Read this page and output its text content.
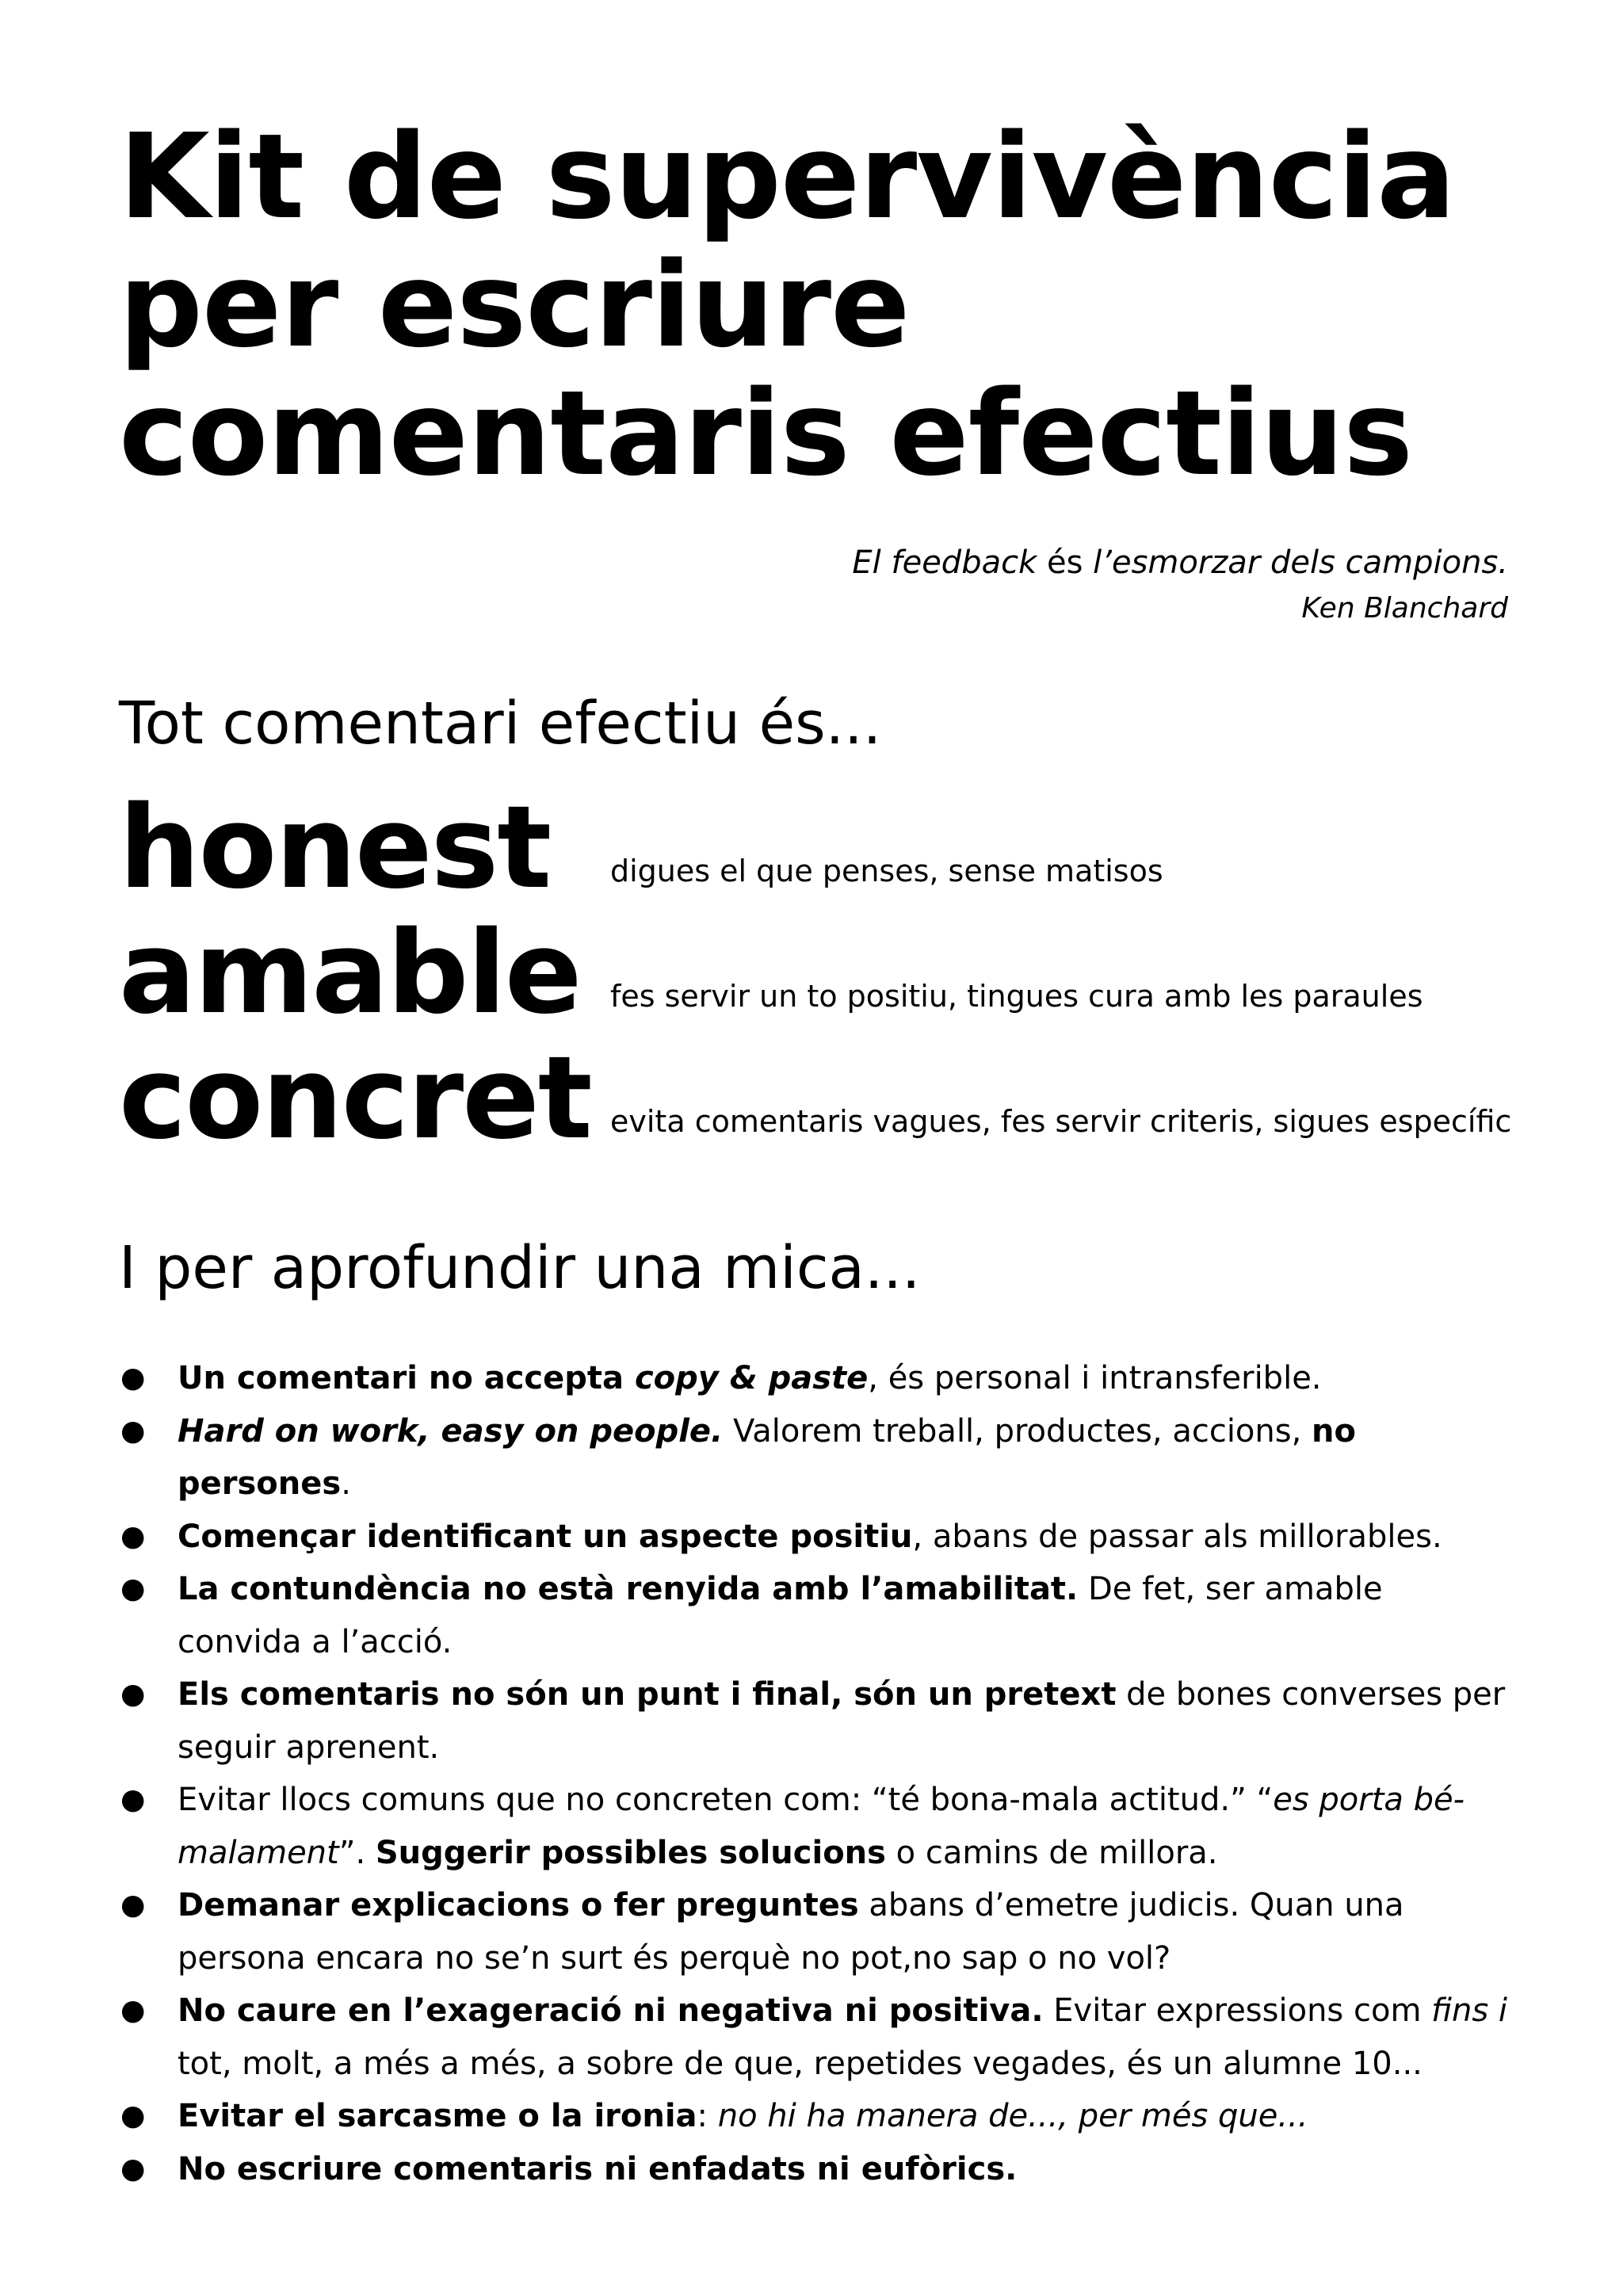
Kit de supervivència
per escriure
comentaris efectius
El feedback és l’esmorzar dels campions.
Ken Blanchard
Tot comentari efectiu és...
honest digues el que penses, sense matisos
amable fes servir un to positiu, tingues cura amb les paraules
concret evita comentaris vagues, fes servir criteris, sigues específic
I per aprofundir una mica...
● Un comentari no accepta copy & paste, és personal i intransferible.
● Hard on work, easy on people. Valorem treball, productes, accions, no persones.
● Començar identificant un aspecte positiu, abans de passar als millorables.
● La contundència no està renyida amb l’amabilitat. De fet, ser amable convida a l’acció.
● Els comentaris no són un punt i final, són un pretext de bones converses per seguir aprenent.
● Evitar llocs comuns que no concreten com: “té bona-mala actitud.” “es porta bé-malament”. Suggerir possibles solucions o camins de millora.
● Demanar explicacions o fer preguntes abans d’emetre judicis. Quan una persona encara no se’n surt és perquè no pot,no sap o no vol?
● No caure en l’exageració ni negativa ni positiva. Evitar expressions com fins i tot, molt, a més a més, a sobre de que, repetides vegades, és un alumne 10...
● Evitar el sarcasme o la ironia: no hi ha manera de..., per més que...
● No escriure comentaris ni enfadats ni eufòrics.
